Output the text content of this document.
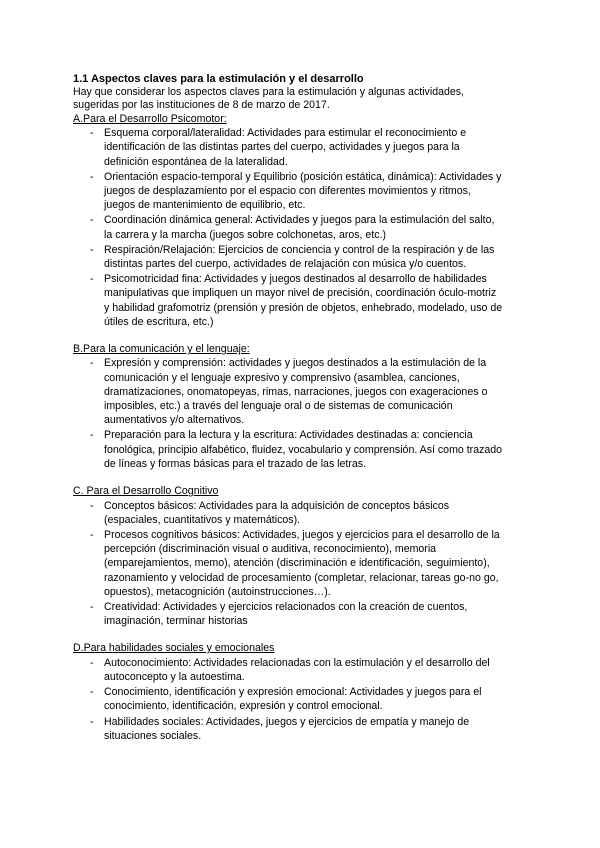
1.1 Aspectos claves para la estimulación y el desarrollo

Hay que considerar los aspectos claves para la estimulación y algunas actividades,
sugeridas por las instituciones de 8 de marzo de 2017.

A.Para el Desarrollo Psicomotor:

- Esquema corporal/lateralidad: Actividades para estimular el reconocimiento e
identificación de las distintas partes del cuerpo, actividades y juegos para la
definición espontánea de la lateralidad.
- Orientación espacio-temporal y Equilibrio (posición estática, dinámica): Actividades y
juegos de desplazamiento por el espacio con diferentes movimientos y ritmos,
juegos de mantenimiento de equilibrio, etc.
- Coordinación dinámica general: Actividades y juegos para la estimulación del salto,
la carrera y la marcha (juegos sobre colchonetas, aros, etc.)
- Respiración/Relajación: Ejercicios de conciencia y control de la respiración y de las
distintas partes del cuerpo, actividades de relajación con música y/o cuentos.
- Psicomotricidad fina: Actividades y juegos destinados al desarrollo de habilidades
manipulativas que impliquen un mayor nivel de precisión, coordinación óculo-motriz
y habilidad grafomotriz (prensión y presión de objetos, enhebrado, modelado, uso de
útiles de escritura, etc.)

B.Para la comunicación y el lenguaje:

- Expresión y comprensión: actividades y juegos destinados a la estimulación de la
comunicación y el lenguaje expresivo y comprensivo (asamblea, canciones,
dramatizaciones, onomatopeyas, rimas, narraciones, juegos con exageraciones o
imposibles, etc.) a través del lenguaje oral o de sistemas de comunicación
aumentativos y/o alternativos.
- Preparación para la lectura y la escritura: Actividades destinadas a: conciencia
fonológica, principio alfabético, fluidez, vocabulario y comprensión. Así como trazado
de líneas y formas básicas para el trazado de las letras.

C. Para el Desarrollo Cognitivo

- Conceptos básicos: Actividades para la adquisición de conceptos básicos
(espaciales, cuantitativos y matemáticos).
- Procesos cognitivos básicos: Actividades, juegos y ejercicios para el desarrollo de la
percepción (discriminación visual o auditiva, reconocimiento), memoria
(emparejamientos, memo), atención (discriminación e identificación, seguimiento),
razonamiento y velocidad de procesamiento (completar, relacionar, tareas go-no go,
opuestos), metacognición (autoinstrucciones…).
- Creatividad: Actividades y ejercicios relacionados con la creación de cuentos,
imaginación, terminar historias

D.Para habilidades sociales y emocionales

- Autoconocimiento: Actividades relacionadas con la estimulación y el desarrollo del
autoconcepto y la autoestima.
- Conocimiento, identificación y expresión emocional: Actividades y juegos para el
conocimiento, identificación, expresión y control emocional.
- Habilidades sociales: Actividades, juegos y ejercicios de empatía y manejo de
situaciones sociales.
